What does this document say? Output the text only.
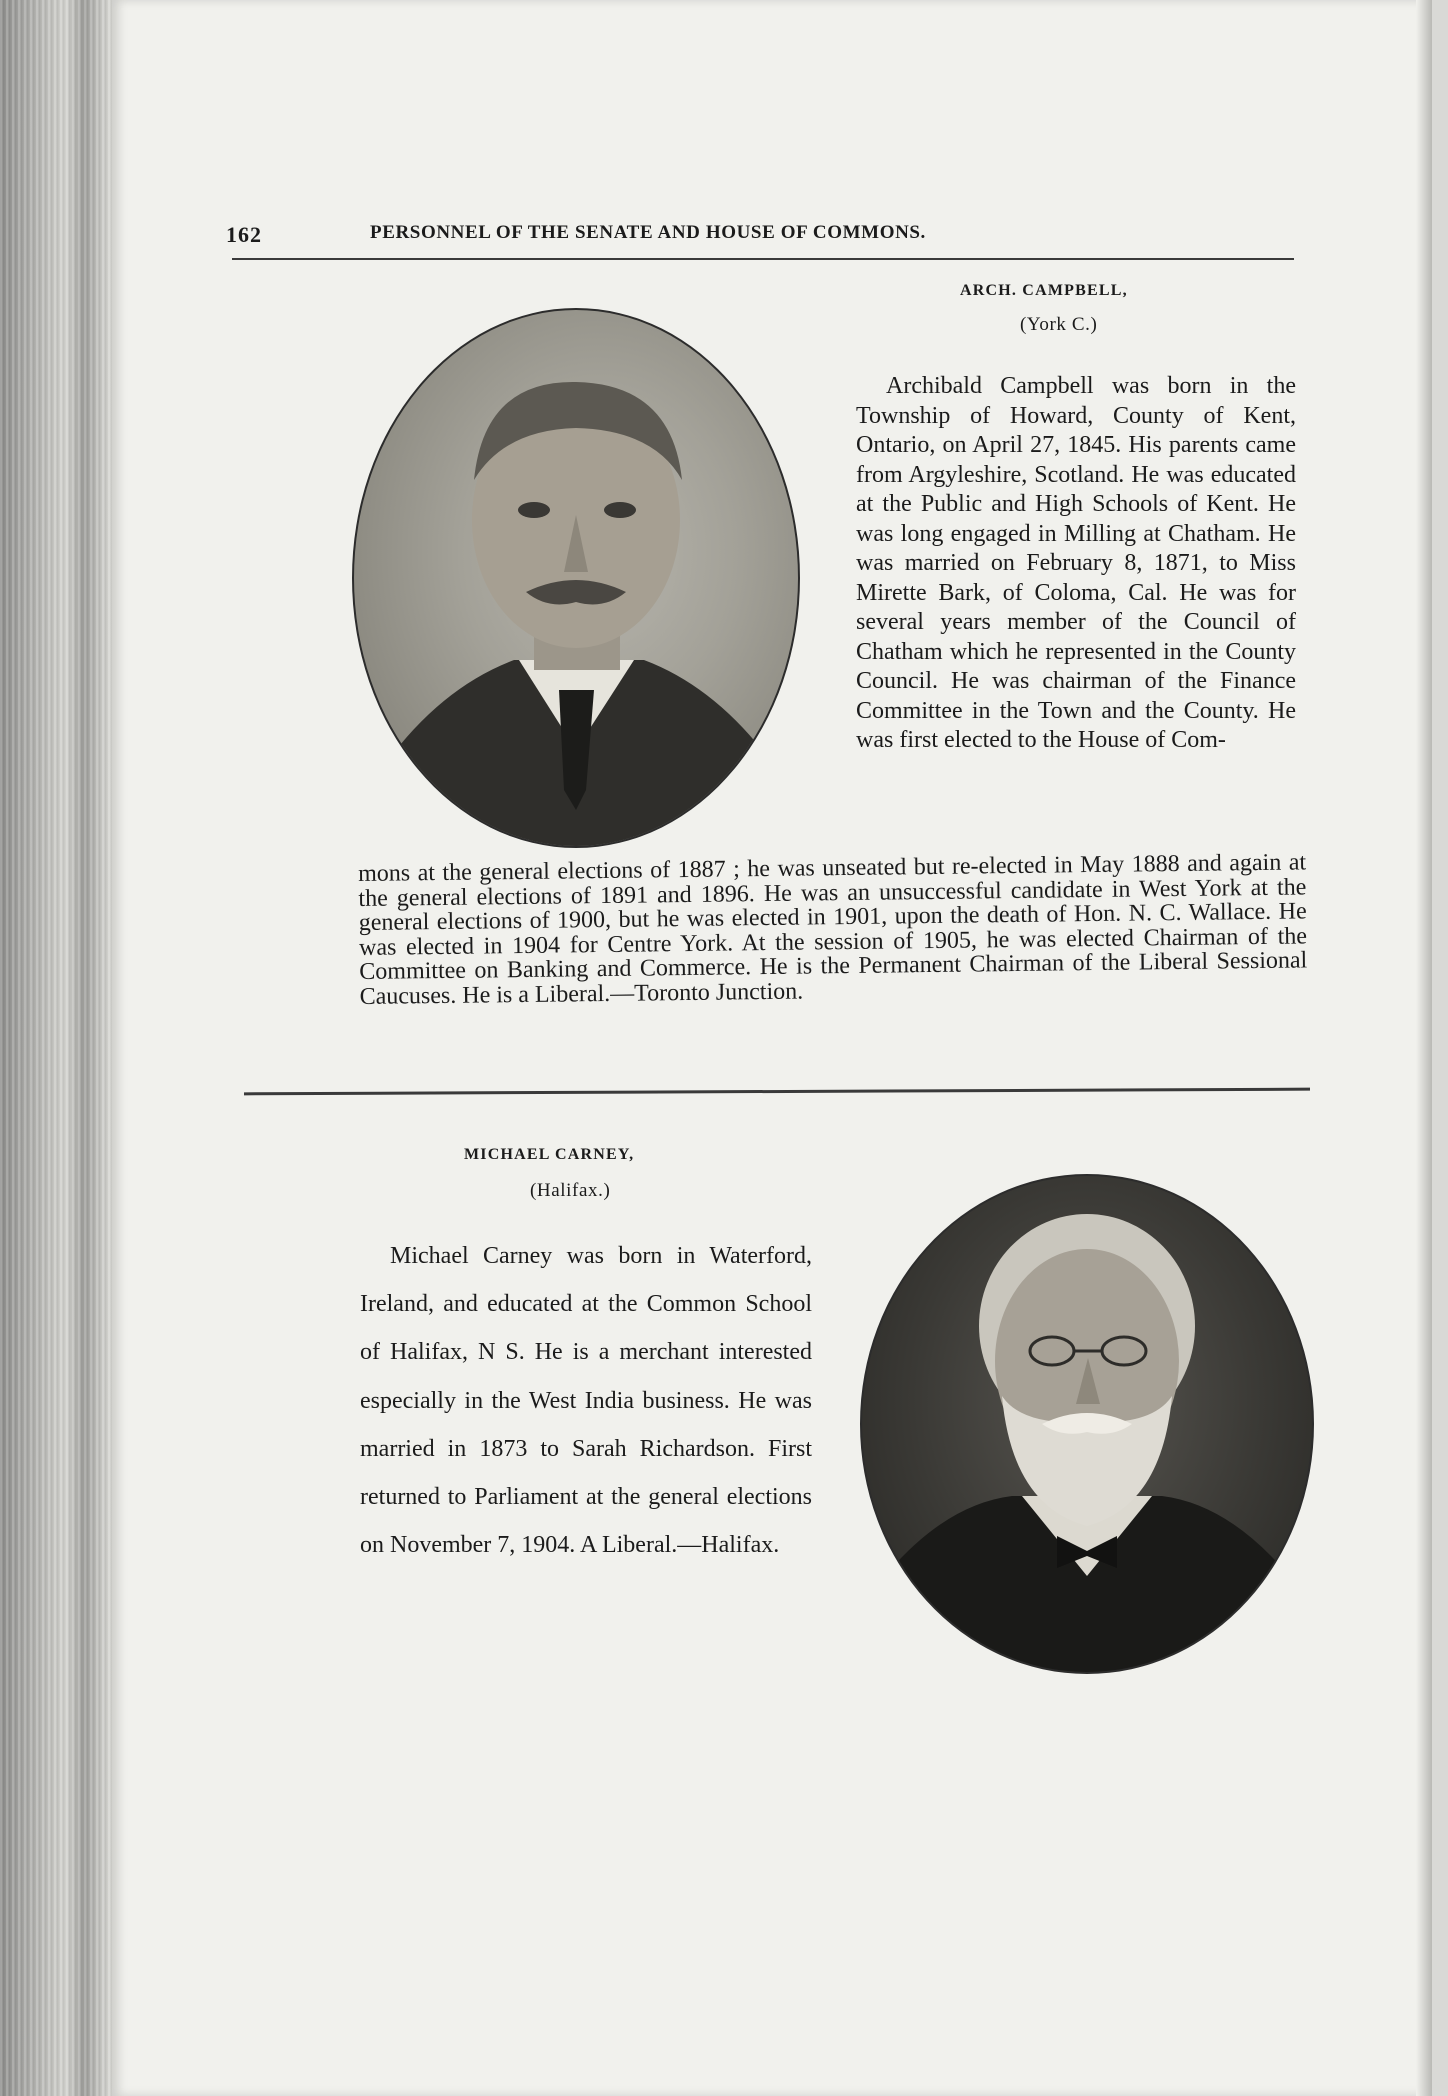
162	PERSONNEL OF THE SENATE AND HOUSE OF COMMONS.
ARCH. CAMPBELL,
(York C.)
Archibald Campbell was born in the Township of Howard, County of Kent, Ontario, on April 27, 1845. His parents came from Argyleshire, Scotland. He was educated at the Public and High Schools of Kent. He was long engaged in Milling at Chatham. He was married on February 8, 1871, to Miss Mirette Bark, of Coloma, Cal. He was for several years member of the Council of Chatham which he represented in the County Council. He was chairman of the Finance Committee in the Town and the County. He was first elected to the House of Com-
mons at the general elections of 1887 ; he was unseated but re-elected in May 1888 and again at the general elections of 1891 and 1896. He was an unsuccessful candidate in West York at the general elections of 1900, but he was elected in 1901, upon the death of Hon. N. C. Wallace. He was elected in 1904 for Centre York. At the session of 1905, he was elected Chairman of the Committee on Banking and Commerce. He is the Permanent Chairman of the Liberal Sessional Caucuses. He is a Liberal.—Toronto Junction.
MICHAEL CARNEY,
(Halifax.)
Michael Carney was born in Waterford, Ireland, and educated at the Common School of Halifax, N S. He is a merchant interested especially in the West India business. He was married in 1873 to Sarah Richardson. First returned to Parliament at the general elections on November 7, 1904. A Liberal.—Halifax.
